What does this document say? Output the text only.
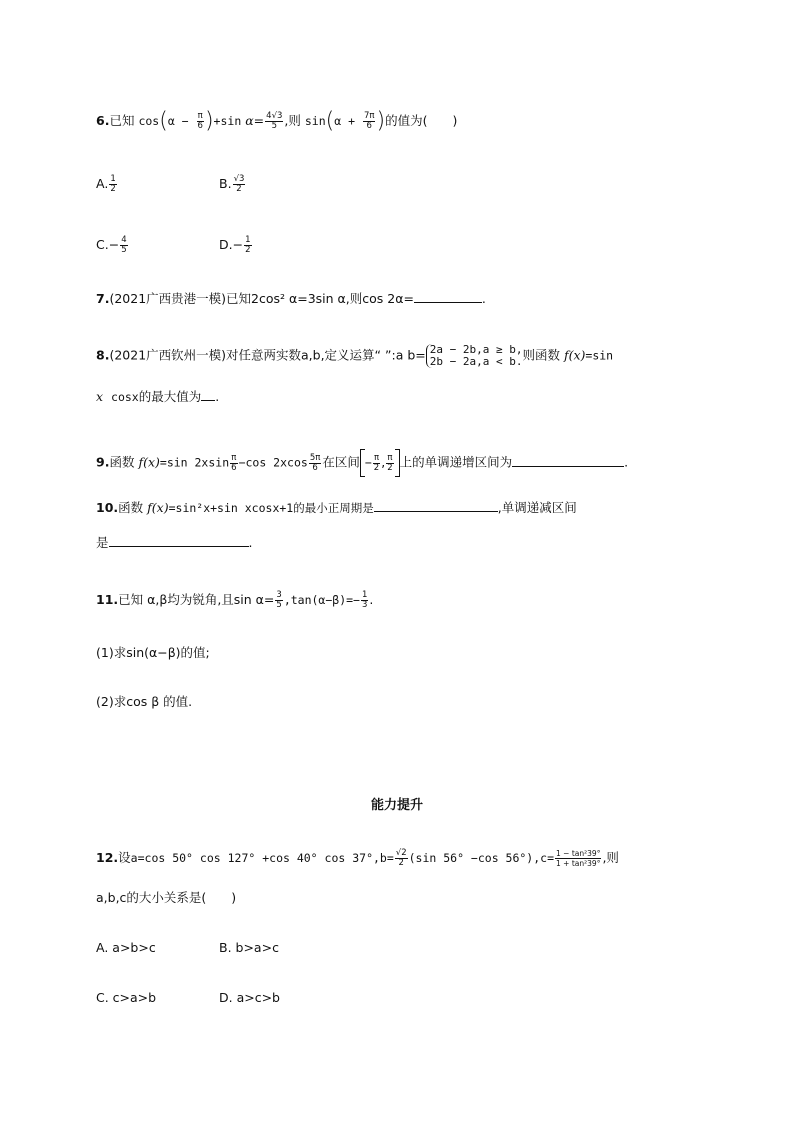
6.已知 $\cos(\alpha - \frac{\pi}{6} )+\sin$ $\alpha= \frac{4√3}{5}$ ,则 $\sin(\alpha + \frac{7\pi}{6}$ )的值为(　　)
A. $\frac{1}{2}$	B. $\frac{√3}{2}$
$C.- \frac{4}{5}$	$D.- \frac{1}{2}$
7.(2021广西贵港一模)已知2cos² α=3sin α,则cos 2α=	.
8.(2021广西钦州一模)对任意两实数a,b,定义运算“ ”:a b= 2a − 2b,a ≥ b,
2b − 2a,a < b. 则函数 f(x)=sin
x cosx的最大值为 .
9.函数 f(x)=sin $2xsin \frac{\pi}{6} -\cos$ $2xcos \frac{5\pi}{6}$ 在区间 − $\frac{\pi}{2}$ , $\frac{\pi}{2}$ 上的单调递增区间为	.
10.函数 f(x)=sin²x+sin xcosx+1的最小正周期是	,单调递减区间
是	.
11.已知 α,β均为锐角,且$\sin \alpha= \frac{3}{5} ,\tan(\alpha-\beta)=- \frac{1}{3}$ .
(1)求sin(α−β)的值;
(2)求cos β 的值.
能力提升
12.设a=cos 50° cos 127° +cos 40° $\cos 37^\circ,b= \frac{√2}{2} (\sin$ 56° −cos $56^\circ),c= \frac{\text{1 − tan²39°}}{\text{1 + tan²39°}}$ ,则
a,b,c的大小关系是(　　)
A. a>b>c	B. b>a>c
C. c>a>b	D. a>c>b
